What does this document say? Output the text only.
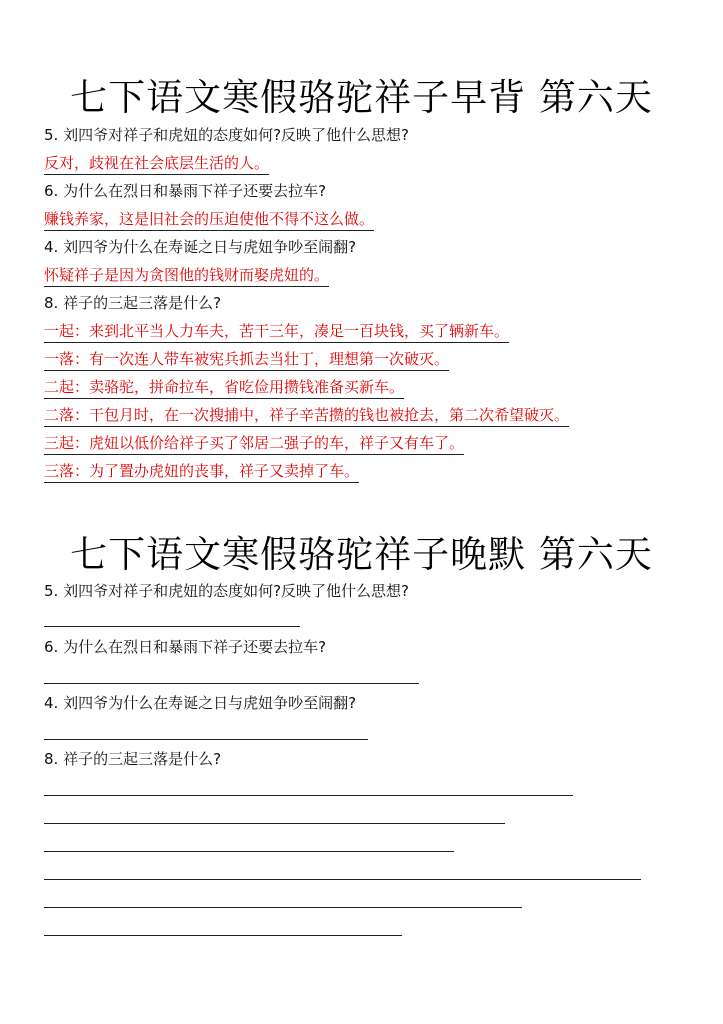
七下语文寒假骆驼祥子早背 第六天
5. 刘四爷对祥子和虎妞的态度如何?反映了他什么思想?
反对，歧视在社会底层生活的人。
6. 为什么在烈日和暴雨下祥子还要去拉车?
赚钱养家，这是旧社会的压迫使他不得不这么做。
4. 刘四爷为什么在寿诞之日与虎妞争吵至闹翻?
怀疑祥子是因为贪图他的钱财而娶虎妞的。
8. 祥子的三起三落是什么?
一起：来到北平当人力车夫，苦干三年，凑足一百块钱，买了辆新车。
一落：有一次连人带车被宪兵抓去当壮丁，理想第一次破灭。
二起：卖骆驼，拼命拉车，省吃俭用攒钱准备买新车。
二落：干包月时，在一次搜捕中，祥子辛苦攒的钱也被抢去，第二次希望破灭。
三起：虎妞以低价给祥子买了邻居二强子的车，祥子又有车了。
三落：为了置办虎妞的丧事，祥子又卖掉了车。
七下语文寒假骆驼祥子晚默 第六天
5. 刘四爷对祥子和虎妞的态度如何?反映了他什么思想?
6. 为什么在烈日和暴雨下祥子还要去拉车?
4. 刘四爷为什么在寿诞之日与虎妞争吵至闹翻?
8. 祥子的三起三落是什么?
